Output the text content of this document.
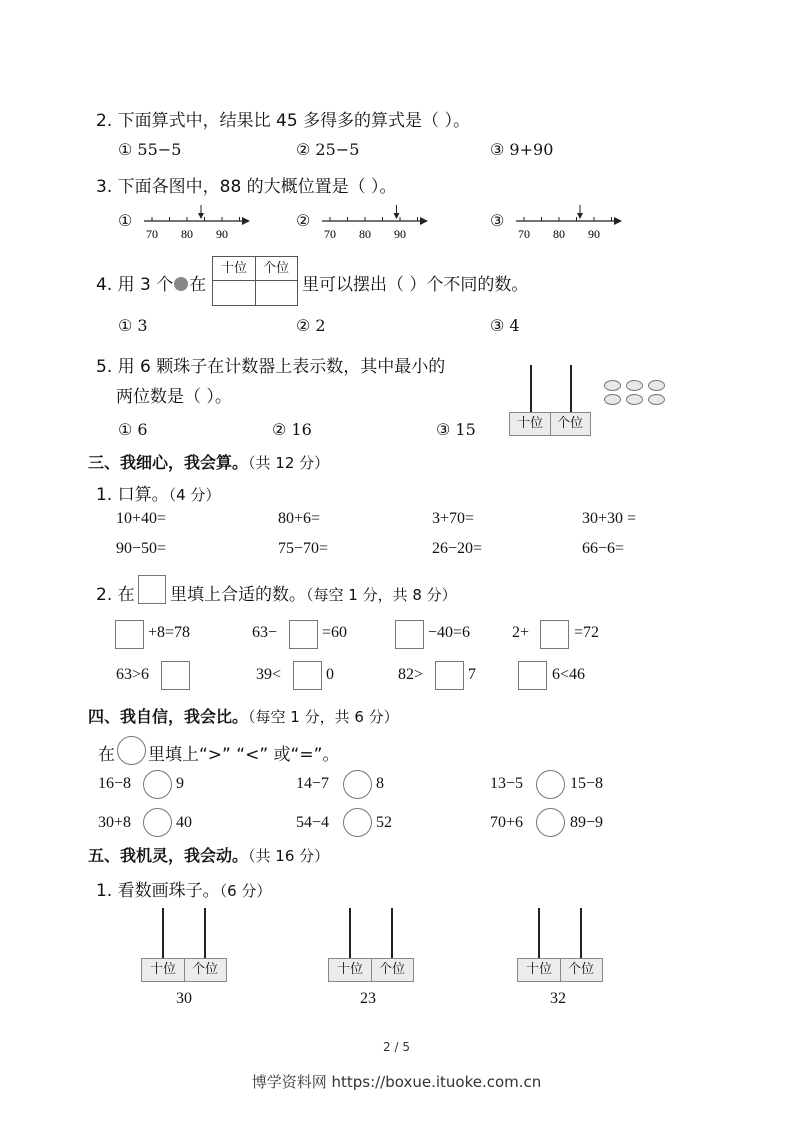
2. 下面算式中，结果比 45 多得多的算式是（ ）。
① 55−5	② 25−5	③ 9+90
3. 下面各图中，88 的大概位置是（ ）。
①
70 80 90
②
70 80 90
③
70 80 90
4. 用 3 个 在
十位	个位
里可以摆出（ ）个不同的数。
① 3	② 2	③ 4
5. 用 6 颗珠子在计数器上表示数，其中最小的
两位数是（ ）。
① 6	② 16	③ 15	十位	个位
三、我细心，我会算。（共 12 分）
1. 口算。（4 分）
10+40=	80+6=	3+70=	30+30 =
90−50=	75−70=	26−20=	66−6=
2. 在 里填上合适的数。（每空 1 分，共 8 分）
+8=78	63−	=60	−40=6	2+	=72
63>6	39<	0	82>	7	6<46
四、我自信，我会比。（每空 1 分，共 6 分）
在 里填上“>” “<” 或“=”。
16−8	9	14−7	8	13−5	15−8
30+8	40	54−4	52	70+6	89−9
五、我机灵，我会动。（共 16 分）
1. 看数画珠子。（6 分）
十位	个位
30
十位	个位
23
十位	个位
32
2 / 5
博学资料网 https://boxue.ituoke.com.cn
